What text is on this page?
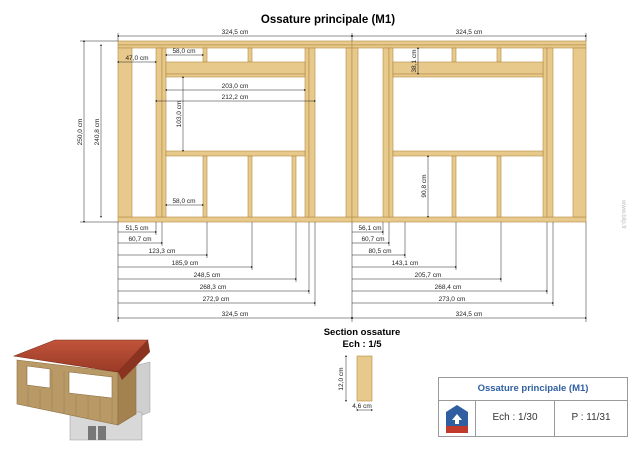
Ossature principale (M1)
324,5 cm
250,0 cm 240,8 cm
47,0 cm
58,0 cm
203,0 cm
212,2 cm
103,0 cm
58,0 cm
51,5 cm
60,7 cm
123,3 cm
185,9 cm
248,5 cm
268,3 cm
272,9 cm
324,5 cm
324,5 cm
38,1 cm
90,8 cm
56,1 cm
60,7 cm
80,5 cm
143,1 cm
205,7 cm
268,4 cm
273,0 cm
324,5 cm
Section ossature
Ech : 1/5
12,0 cm
4,6 cm
Ossature principale (M1)
Ech : 1/30	P : 11/31
www.bilp.fr
